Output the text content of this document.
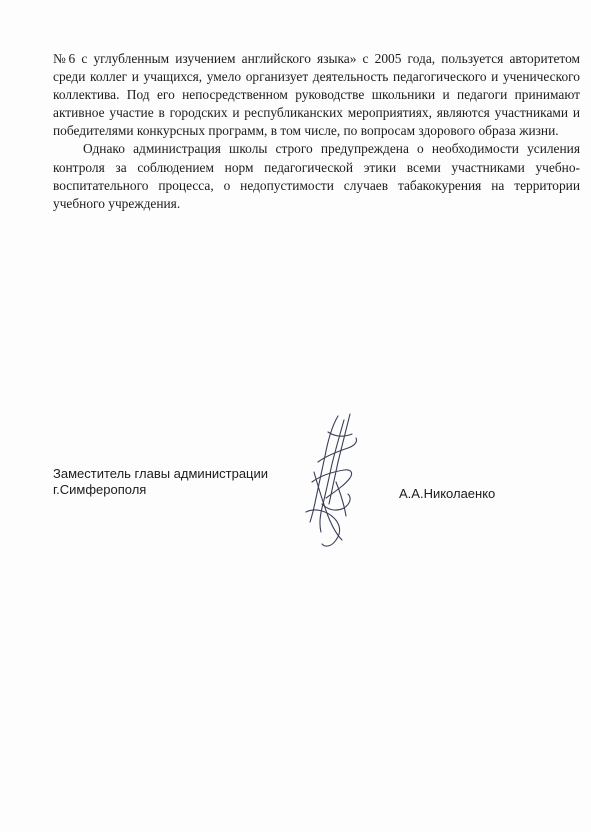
№6 с углубленным изучением английского языка» с 2005 года, пользуется авторитетом среди коллег и учащихся, умело организует деятельность педагогического и ученического коллектива. Под его непосредственном руководстве школьники и педагоги принимают активное участие в городских и республиканских мероприятиях, являются участниками и победителями конкурсных программ, в том числе, по вопросам здорового образа жизни.

Однако администрация школы строго предупреждена о необходимости усиления контроля за соблюдением норм педагогической этики всеми участниками учебно-воспитательного процесса, о недопустимости случаев табакокурения на территории учебного учреждения.

Заместитель главы администрации
г.Симферополя	А.А.Николаенко
